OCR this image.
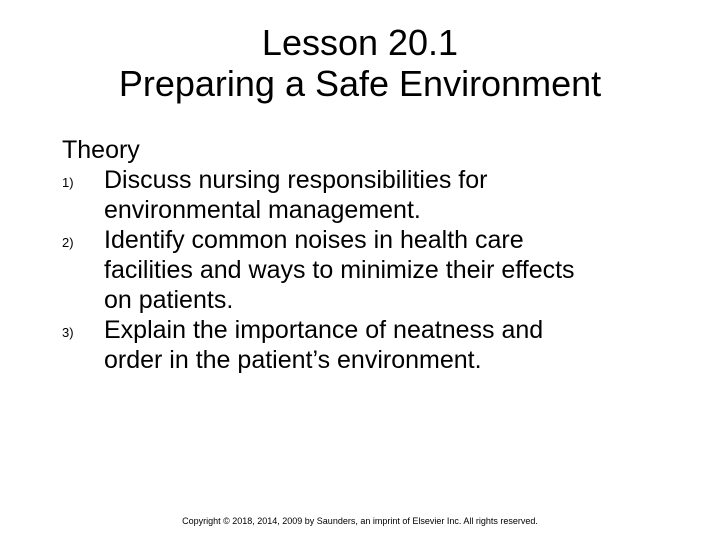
Lesson 20.1
Preparing a Safe Environment
Theory
1) Discuss nursing responsibilities for
environmental management.
2) Identify common noises in health care
facilities and ways to minimize their effects
on patients.
3) Explain the importance of neatness and
order in the patient’s environment.
Copyright © 2018, 2014, 2009 by Saunders, an imprint of Elsevier Inc. All rights reserved.
